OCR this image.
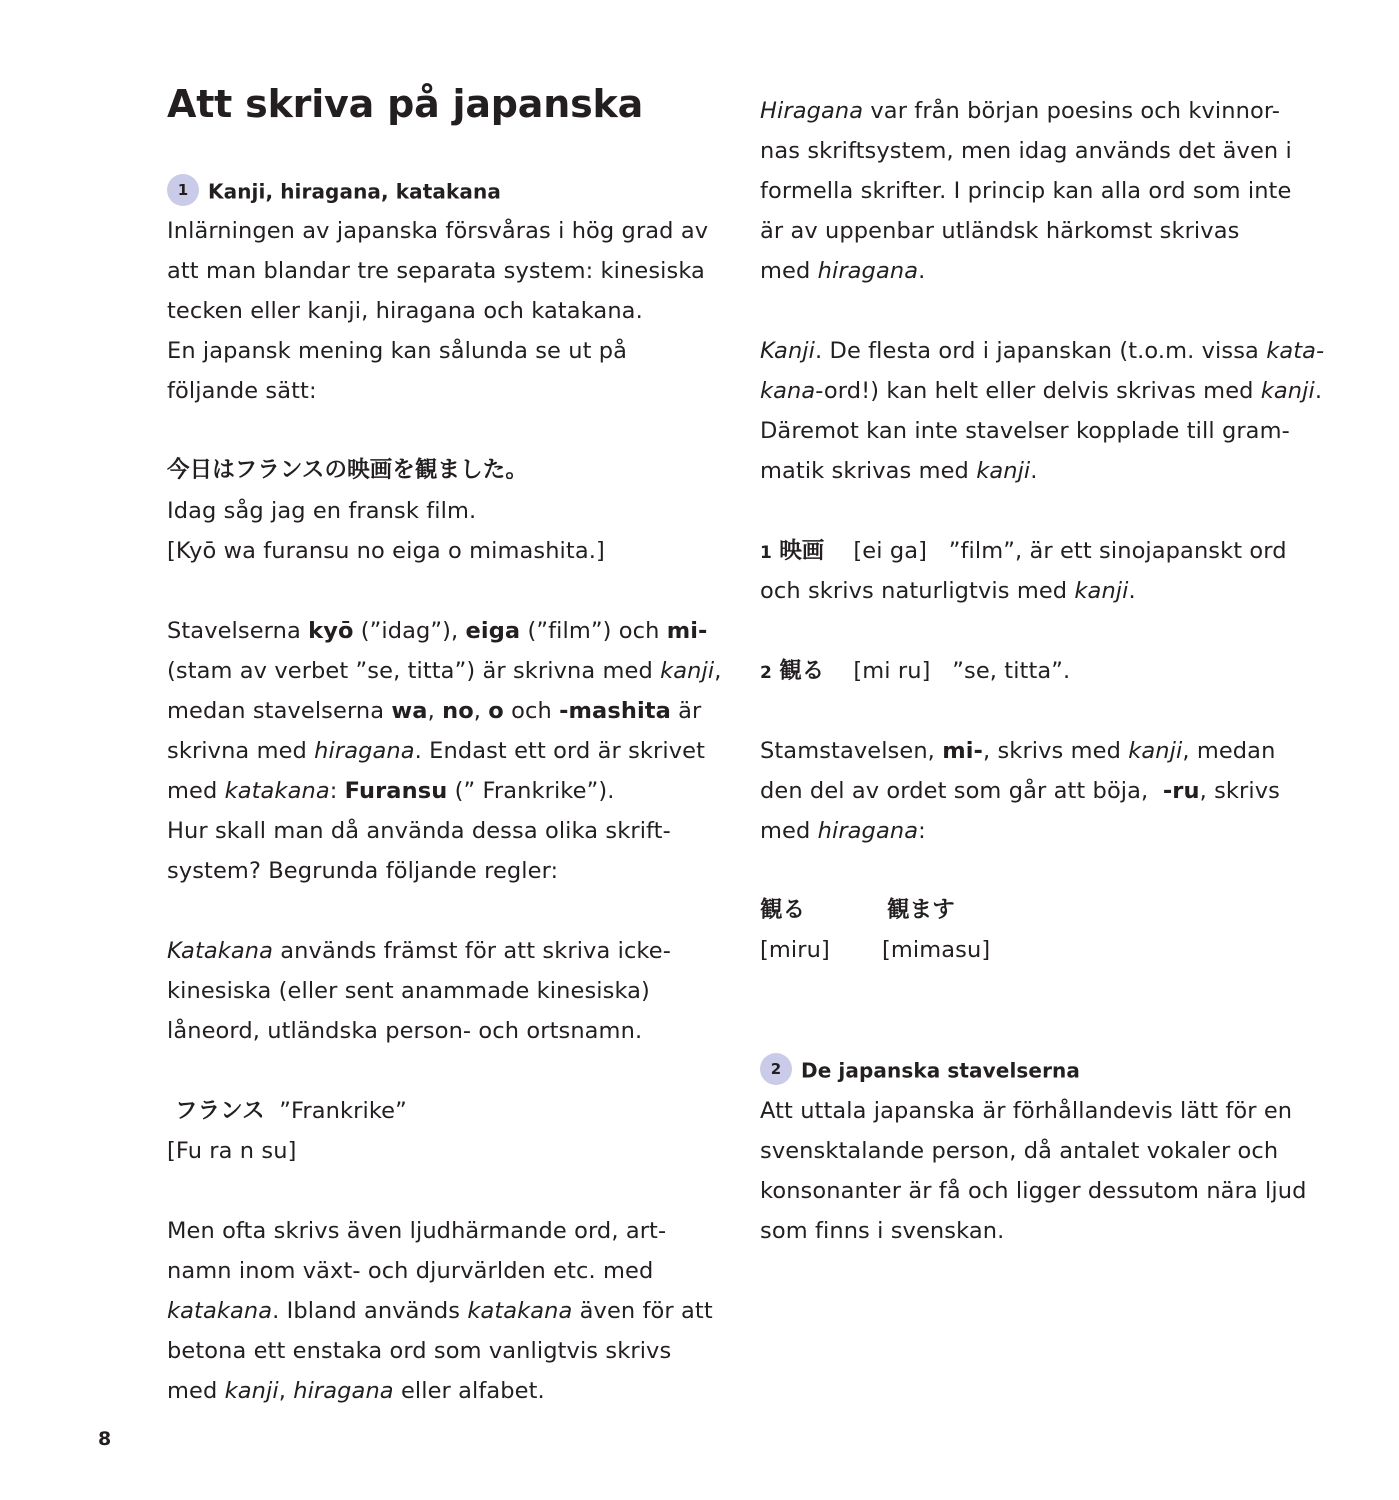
Att skriva på japanska
1 Kanji, hiragana, katakana
Inlärningen av japanska försvåras i hög grad av
att man blandar tre separata system: kinesiska
tecken eller kanji, hiragana och katakana.
En japansk mening kan sålunda se ut på
följande sätt:
今日はフランスの映画を観ました。
Idag såg jag en fransk film.
[Kyō wa furansu no eiga o mimashita.]
Stavelserna kyō (”idag”), eiga (”film”) och mi-
(stam av verbet ”se, titta”) är skrivna med kanji,
medan stavelserna wa, no, o och -mashita är
skrivna med hiragana. Endast ett ord är skrivet
med katakana: Furansu (” Frankrike”).
Hur skall man då använda dessa olika skrift-
system? Begrunda följande regler:
Katakana används främst för att skriva icke-
kinesiska (eller sent anammade kinesiska)
låneord, utländska person- och ortsnamn.
フランス ”Frankrike”
[Fu ra n su]
Men ofta skrivs även ljudhärmande ord, art-
namn inom växt- och djurvärlden etc. med
katakana. Ibland används katakana även för att
betona ett enstaka ord som vanligtvis skrivs
med kanji, hiragana eller alfabet.
Hiragana var från början poesins och kvinnor-
nas skriftsystem, men idag används det även i
formella skrifter. I princip kan alla ord som inte
är av uppenbar utländsk härkomst skrivas
med hiragana.
Kanji. De flesta ord i japanskan (t.o.m. vissa kata-
kana-ord!) kan helt eller delvis skrivas med kanji.
Däremot kan inte stavelser kopplade till gram-
matik skrivas med kanji.
1 映画    [ei ga]   ”film”, är ett sinojapanskt ord
och skrivs naturligtvis med kanji.
2 観る    [mi ru]   ”se, titta”.
Stamstavelsen, mi-, skrivs med kanji, medan
den del av ordet som går att böja,  -ru, skrivs
med hiragana:
観る	観ます
[miru] [mimasu]
2 De japanska stavelserna
Att uttala japanska är förhållandevis lätt för en
svensktalande person, då antalet vokaler och
konsonanter är få och ligger dessutom nära ljud
som finns i svenskan.
8
